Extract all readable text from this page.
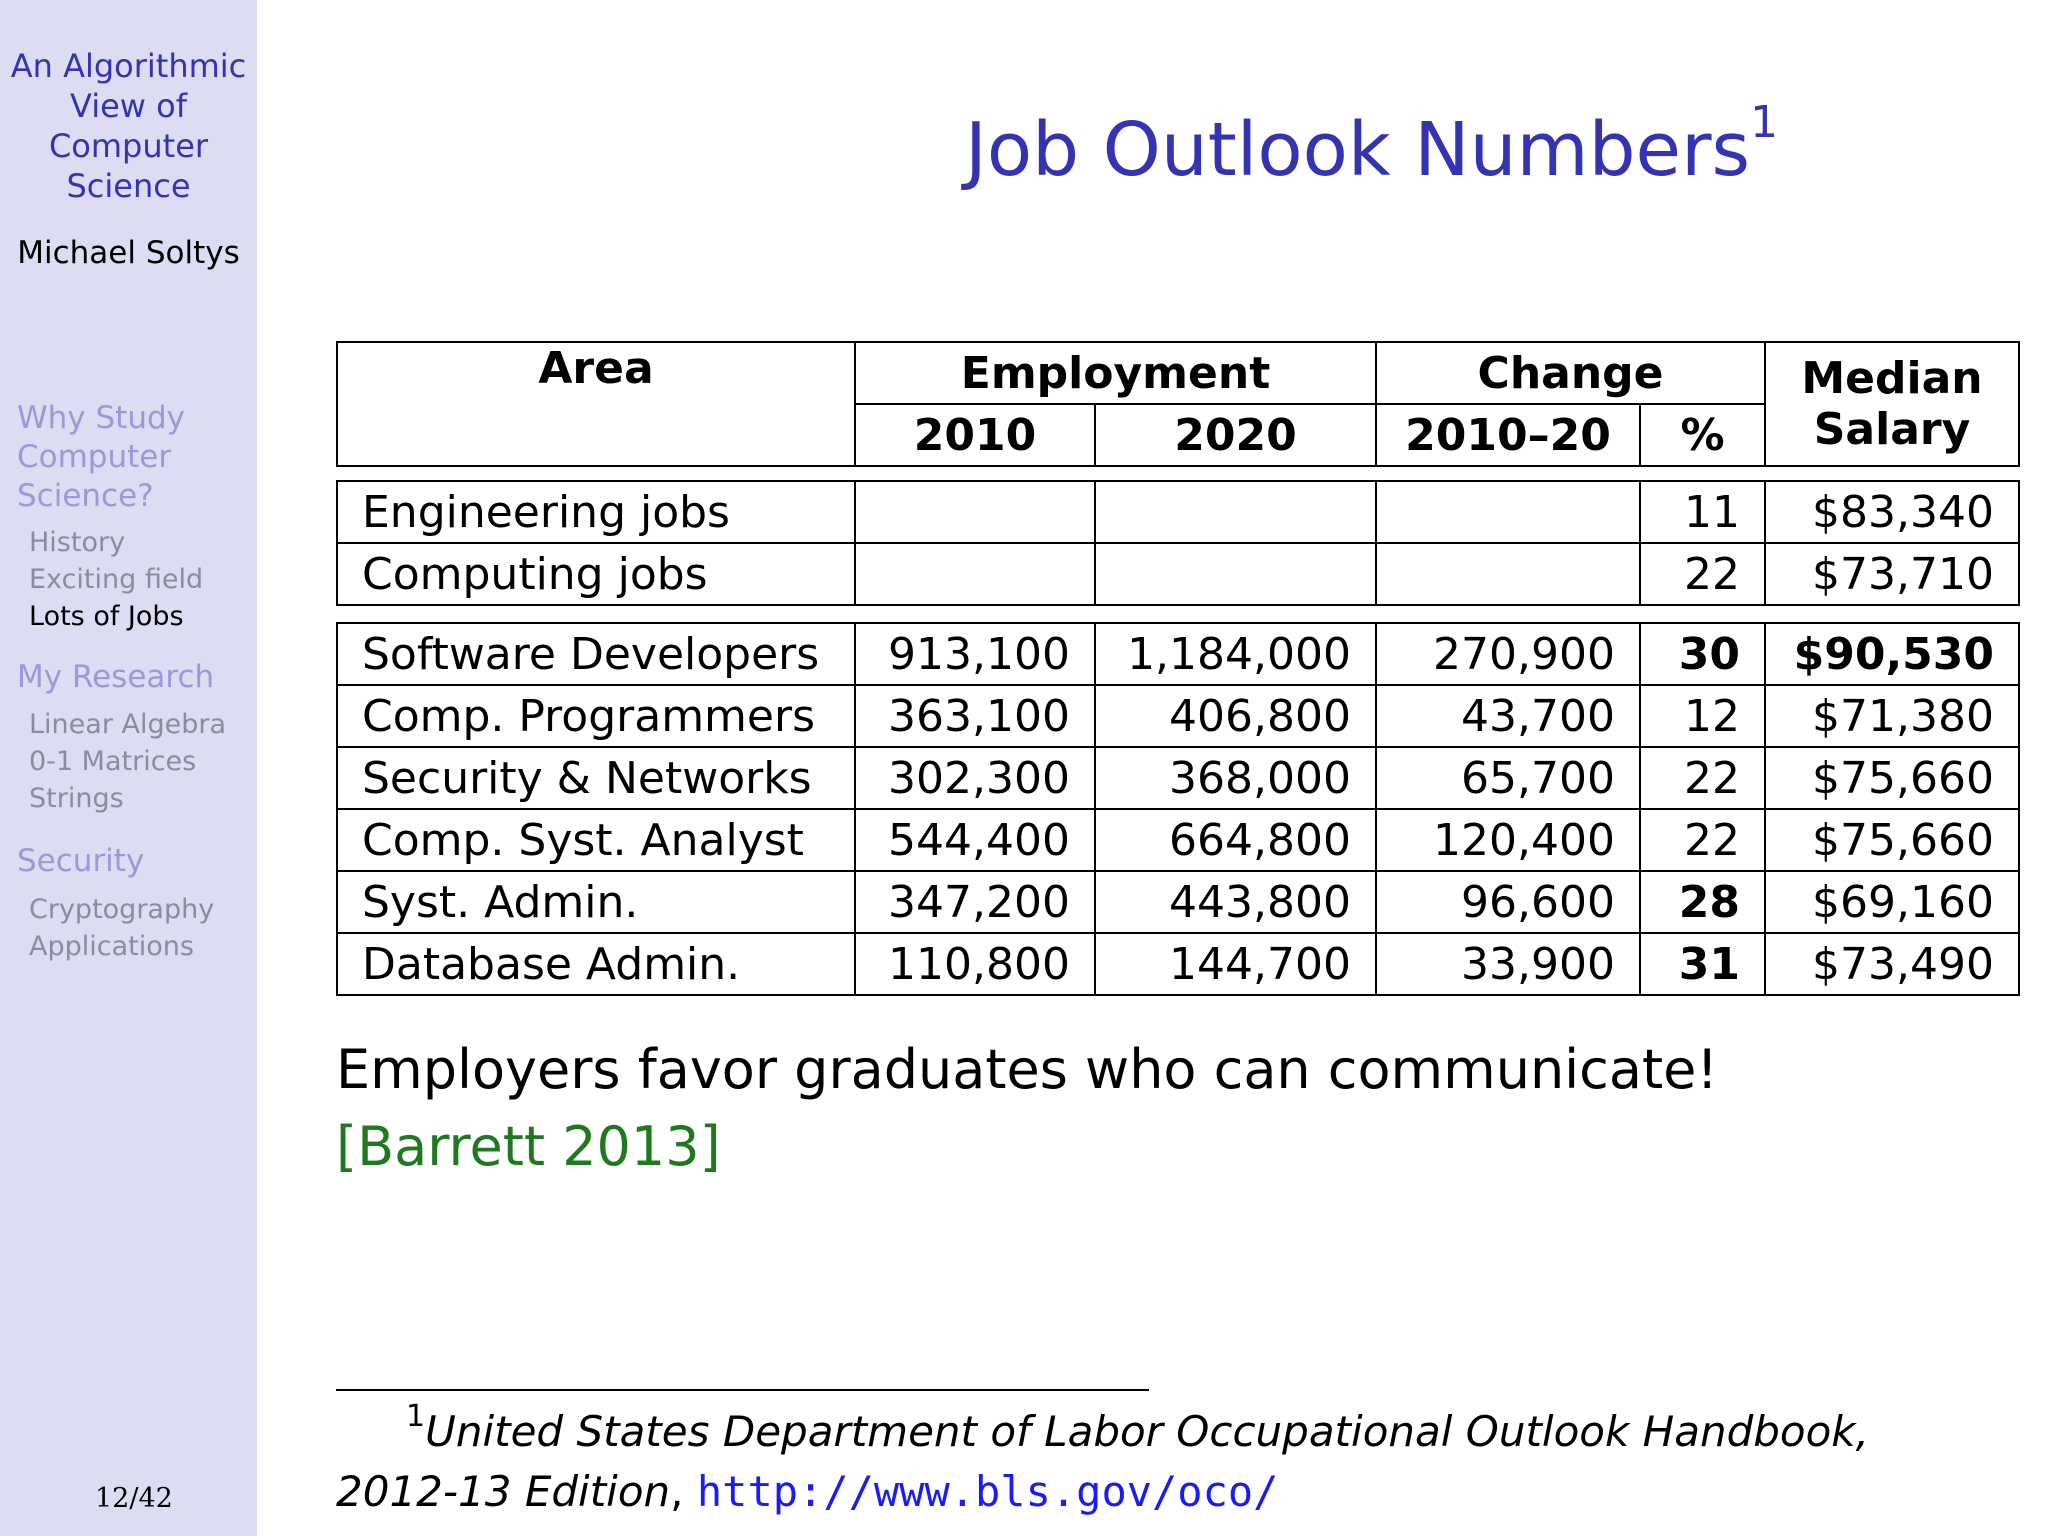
An Algorithmic
View of
Computer
Science
Michael Soltys
Why Study
Computer
Science?
History
Exciting field
Lots of Jobs
My Research
Linear Algebra
0-1 Matrices
Strings
Security
Cryptography
Applications
12/42
Job Outlook Numbers$^1$
Area	Employment		Change		Median
Salary

	2010	2020	2010–20	%	
Engineering jobs				11	$83,340
Computing jobs				22	$73,710
Software Developers	913,100	1,184,000	270,900	30	$90,530
Comp. Programmers	363,100	406,800	43,700	12	$71,380
Security & Networks	302,300	368,000	65,700	22	$75,660
Comp. Syst. Analyst	544,400	664,800	120,400	22	$75,660
Syst. Admin.	347,200	443,800	96,600	28	$69,160
Database Admin.	110,800	144,700	33,900	31	$73,490
Employers favor graduates who can communicate!
[Barrett 2013]
$^1$United States Department of Labor Occupational Outlook Handbook,
2012-13 Edition, http://www.bls.gov/oco/
